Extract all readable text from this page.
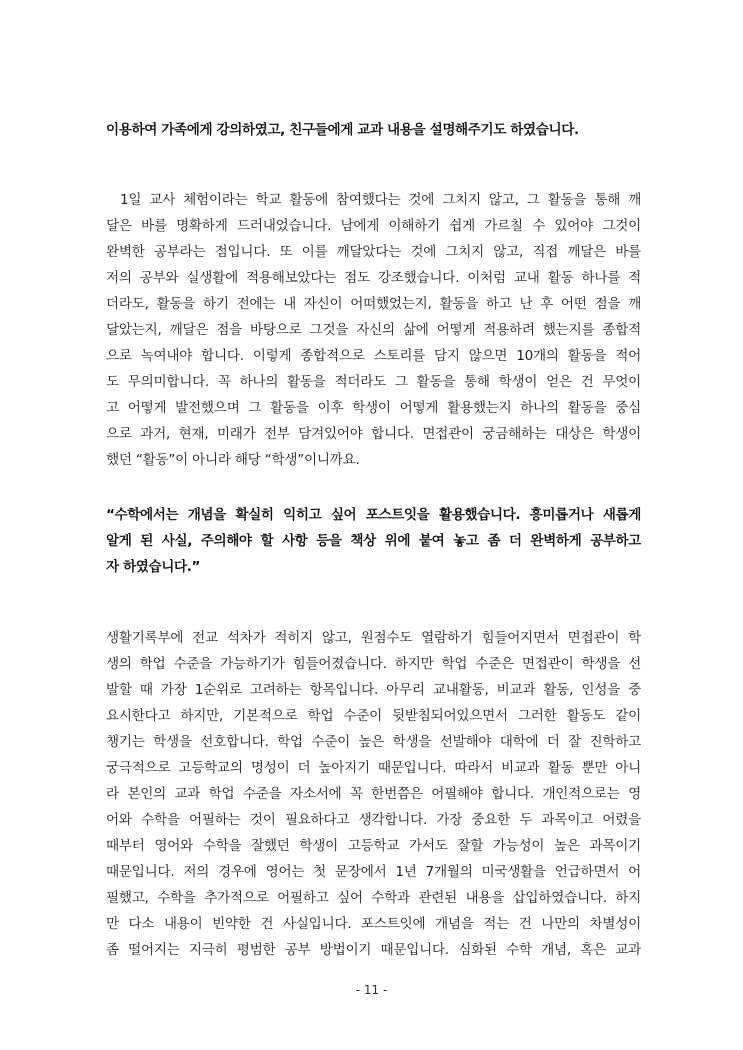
이용하여 가족에게 강의하였고, 친구들에게 교과 내용을 설명해주기도 하였습니다.
1일 교사 체험이라는 학교 활동에 참여했다는 것에 그치지 않고, 그 활동을 통해 깨
달은 바를 명확하게 드러내었습니다. 남에게 이해하기 쉽게 가르칠 수 있어야 그것이
완벽한 공부라는 점입니다. 또 이를 깨달았다는 것에 그치지 않고, 직접 깨달은 바를
저의 공부와 실생활에 적용해보았다는 점도 강조했습니다. 이처럼 교내 활동 하나를 적
더라도, 활동을 하기 전에는 내 자신이 어떠했었는지, 활동을 하고 난 후 어떤 점을 깨
달았는지, 깨달은 점을 바탕으로 그것을 자신의 삶에 어떻게 적용하려 했는지를 종합적
으로 녹여내야 합니다. 이렇게 종합적으로 스토리를 담지 않으면 10개의 활동을 적어
도 무의미합니다. 꼭 하나의 활동을 적더라도 그 활동을 통해 학생이 얻은 건 무엇이
고 어떻게 발전했으며 그 활동을 이후 학생이 어떻게 활용했는지 하나의 활동을 중심
으로 과거, 현재, 미래가 전부 담겨있어야 합니다. 면접관이 궁금해하는 대상은 학생이
했던 “활동”이 아니라 해당 “학생”이니까요.
“수학에서는 개념을 확실히 익히고 싶어 포스트잇을 활용했습니다. 흥미롭거나 새롭게
알게 된 사실, 주의해야 할 사항 등을 책상 위에 붙여 놓고 좀 더 완벽하게 공부하고
자 하였습니다.”
생활기록부에 전교 석차가 적히지 않고, 원점수도 열람하기 힘들어지면서 면접관이 학
생의 학업 수준을 가능하기가 힘들어졌습니다. 하지만 학업 수준은 면접관이 학생을 선
발할 때 가장 1순위로 고려하는 항목입니다. 아무리 교내활동, 비교과 활동, 인성을 중
요시한다고 하지만, 기본적으로 학업 수준이 뒷받침되어있으면서 그러한 활동도 같이
챙기는 학생을 선호합니다. 학업 수준이 높은 학생을 선발해야 대학에 더 잘 진학하고
궁극적으로 고등학교의 명성이 더 높아지기 때문입니다. 따라서 비교과 활동 뿐만 아니
라 본인의 교과 학업 수준을 자소서에 꼭 한번쯤은 어필해야 합니다. 개인적으로는 영
어와 수학을 어필하는 것이 필요하다고 생각합니다. 가장 중요한 두 과목이고 어렸을
때부터 영어와 수학을 잘했던 학생이 고등학교 가서도 잘할 가능성이 높은 과목이기
때문입니다. 저의 경우에 영어는 첫 문장에서 1년 7개월의 미국생활을 언급하면서 어
필했고, 수학을 추가적으로 어필하고 싶어 수학과 관련된 내용을 삽입하였습니다. 하지
만 다소 내용이 빈약한 건 사실입니다. 포스트잇에 개념을 적는 건 나만의 차별성이
좀 떨어지는 지극히 평범한 공부 방법이기 때문입니다. 심화된 수학 개념, 혹은 교과
- 11 -
